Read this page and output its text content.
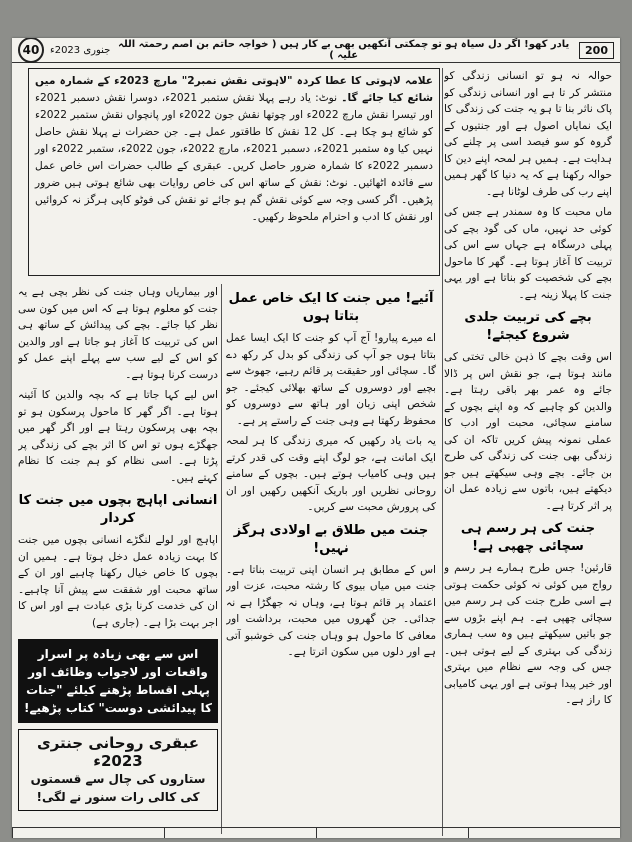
200
یادر کھو! اگر دل سیاہ ہو تو چمکتی آنکھیں بھی بے کار ہیں ( خواجہ حاتم بن اصم رحمتہ اللہ علیہ )
جنوری 2023ء
40
علامہ لاہوتی کا عطا کردہ "لاہوتی نقش نمبر2" مارچ 2023ء کے شمارہ میں شائع کیا جائے گا۔ نوٹ: یاد رہے پہلا نقش ستمبر 2021ء، دوسرا نقش دسمبر 2021ء اور تیسرا نقش مارچ 2022ء اور چوتھا نقش جون 2022ء اور پانچواں نقش ستمبر 2022ء کو شائع ہو چکا ہے۔ کل 12 نقش کا طاقتور عمل ہے۔ جن حضرات نے پہلا نقش حاصل نہیں کیا وہ ستمبر 2021ء، دسمبر 2021ء، مارچ 2022ء، جون 2022ء، ستمبر 2022ء اور دسمبر 2022ء کا شمارہ ضرور حاصل کریں۔ عبقری کے طالب حضرات اس خاص عمل سے فائدہ اٹھائیں۔ نوٹ: نقش کے ساتھ اس کی خاص روایات بھی شائع ہوتی ہیں ضرور پڑھیں۔ اگر کسی وجہ سے کوئی نقش گم ہو جائے تو نقش کی فوٹو کاپی ہرگز نہ کروائیں اور نقش کا ادب و احترام ملحوظ رکھیں۔

حوالہ نہ ہو تو انسانی زندگی کو منتشر کر تا ہے اور انسانی زندگی کو پاک ناثر بنا تا ہو یہ جنت کی زندگی کا ایک نمایاں اصول ہے اور جنتیوں کے گروہ کو سو فیصد اسی پر چلنے کی ہدایت ہے۔ ہمیں ہر لمحہ اپنے دین کا حوالہ رکھنا ہے کہ یہ دنیا کا گھر ہمیں اپنے رب کی طرف لوٹانا ہے۔

ماں محبت کا وہ سمندر ہے جس کی کوئی حد نہیں، ماں کی گود بچے کی پہلی درسگاہ ہے جہاں سے اس کی تربیت کا آغاز ہوتا ہے۔ گھر کا ماحول بچے کی شخصیت کو بناتا ہے اور یہی جنت کا پہلا زینہ ہے۔

بچے کی تربیت جلدی شروع کیجئے!

اس وقت بچے کا ذہن خالی تختی کی مانند ہوتا ہے، جو نقش اس پر ڈالا جائے وہ عمر بھر باقی رہتا ہے۔ والدین کو چاہیے کہ وہ اپنے بچوں کے سامنے سچائی، محبت اور ادب کا عملی نمونہ پیش کریں تاکہ ان کی زندگی بھی جنت کی زندگی کی طرح بن جائے۔ بچے وہی سیکھتے ہیں جو دیکھتے ہیں، باتوں سے زیادہ عمل ان پر اثر کرتا ہے۔

جنت کی ہر رسم ہی سچائی چھپی ہے!

قارئین! جس طرح ہمارے ہر رسم و رواج میں کوئی نہ کوئی حکمت ہوتی ہے اسی طرح جنت کی ہر رسم میں سچائی چھپی ہے۔ ہم اپنے بڑوں سے جو باتیں سیکھتے ہیں وہ سب ہماری زندگی کی بہتری کے لیے ہوتی ہیں۔ جس کی وجہ سے نظام میں بہتری اور خیر پیدا ہوتی ہے اور یہی کامیابی کا راز ہے۔

آئیے! میں جنت کا ایک خاص عمل بتاتا ہوں

اے میرے پیارو! آج آپ کو جنت کا ایک ایسا عمل بتاتا ہوں جو آپ کی زندگی کو بدل کر رکھ دے گا۔ سچائی اور حقیقت پر قائم رہیے، جھوٹ سے بچیے اور دوسروں کے ساتھ بھلائی کیجئے۔ جو شخص اپنی زبان اور ہاتھ سے دوسروں کو محفوظ رکھتا ہے وہی جنت کے راستے پر ہے۔

یہ بات یاد رکھیں کہ میری زندگی کا ہر لمحہ ایک امانت ہے، جو لوگ اپنے وقت کی قدر کرتے ہیں وہی کامیاب ہوتے ہیں۔ بچوں کے سامنے روحانی نظریں اور باریک آنکھیں رکھیں اور ان کی پرورش محبت سے کریں۔

جنت میں طلاق بے اولادی ہرگز نہیں!

اس کے مطابق ہر انسان اپنی تربیت بناتا ہے۔ جنت میں میاں بیوی کا رشتہ محبت، عزت اور اعتماد پر قائم ہوتا ہے، وہاں نہ جھگڑا ہے نہ جدائی۔ جن گھروں میں محبت، برداشت اور معافی کا ماحول ہو وہاں جنت کی خوشبو آتی ہے اور دلوں میں سکون اترتا ہے۔

اور بیماریاں وہاں جنت کی نظر بچی ہے یہ جنت کو معلوم ہوتا ہے کہ اس میں کون سی نظر کیا جائے۔ بچے کی پیدائش کے ساتھ ہی اس کی تربیت کا آغاز ہو جاتا ہے اور والدین کو اس کے لیے سب سے پہلے اپنے عمل کو درست کرنا ہوتا ہے۔

اس لیے کہا جاتا ہے کہ بچہ والدین کا آئینہ ہوتا ہے۔ اگر گھر کا ماحول پرسکون ہو تو بچہ بھی پرسکون رہتا ہے اور اگر گھر میں جھگڑے ہوں تو اس کا اثر بچے کی زندگی پر پڑتا ہے۔ اسی نظام کو ہم جنت کا نظام کہتے ہیں۔

انسانی اپاہج بچوں میں جنت کا کردار

اپاہج اور لولے لنگڑے انسانی بچوں میں جنت کا بہت زیادہ عمل دخل ہوتا ہے۔ ہمیں ان بچوں کا خاص خیال رکھنا چاہیے اور ان کے ساتھ محبت اور شفقت سے پیش آنا چاہیے۔ ان کی خدمت کرنا بڑی عبادت ہے اور اس کا اجر بہت بڑا ہے۔ (جاری ہے)

اس سے بھی زیادہ پر اسرار واقعات اور لاجواب وظائف اور پہلی اقساط پڑھنے کیلئے "جنات کا پیدائشی دوست" کتاب پڑھیے!
عبقری روحانی جنتری 2023ء
ستاروں کی چال سے قسمتوں کی کالی رات سنور نے لگی!
